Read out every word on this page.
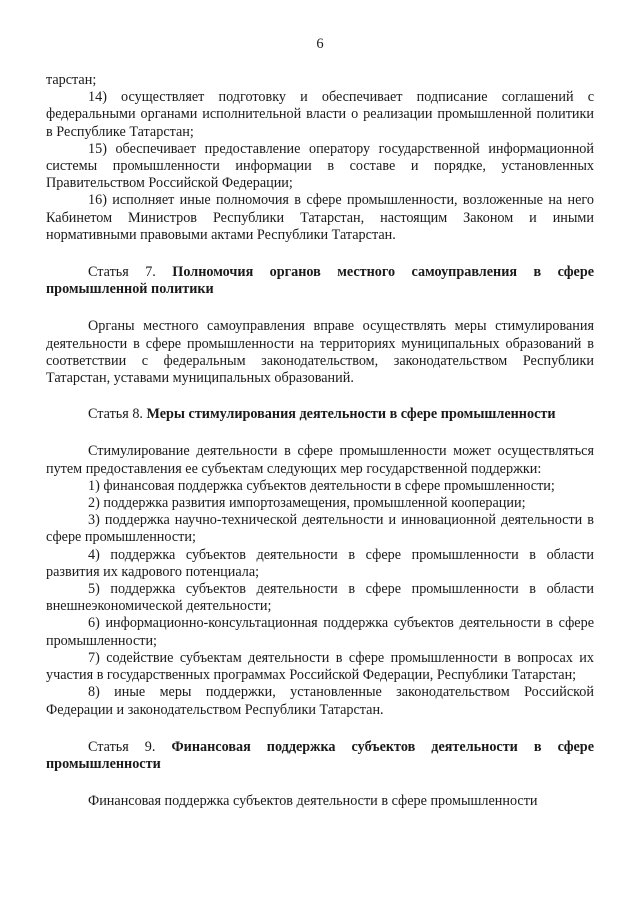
6

тарстан;

14) осуществляет подготовку и обеспечивает подписание соглашений с федеральными органами исполнительной власти о реализации промышленной политики в Республике Татарстан;

15) обеспечивает предоставление оператору государственной информационной системы промышленности информации в составе и порядке, установленных Правительством Российской Федерации;

16) исполняет иные полномочия в сфере промышленности, возложенные на него Кабинетом Министров Республики Татарстан, настоящим Законом и иными нормативными правовыми актами Республики Татарстан.

Статья 7. Полномочия органов местного самоуправления в сфере промышленной политики

Органы местного самоуправления вправе осуществлять меры стимулирования деятельности в сфере промышленности на территориях муниципальных образований в соответствии с федеральным законодательством, законодательством Республики Татарстан, уставами муниципальных образований.

Статья 8. Меры стимулирования деятельности в сфере промышленности

Стимулирование деятельности в сфере промышленности может осуществляться путем предоставления ее субъектам следующих мер государственной поддержки:

1) финансовая поддержка субъектов деятельности в сфере промышленности;

2) поддержка развития импортозамещения, промышленной кооперации;

3) поддержка научно-технической деятельности и инновационной деятельности в сфере промышленности;

4) поддержка субъектов деятельности в сфере промышленности в области развития их кадрового потенциала;

5) поддержка субъектов деятельности в сфере промышленности в области внешнеэкономической деятельности;

6) информационно-консультационная поддержка субъектов деятельности в сфере промышленности;

7) содействие субъектам деятельности в сфере промышленности в вопросах их участия в государственных программах Российской Федерации, Республики Татарстан;

8) иные меры поддержки, установленные законодательством Российской Федерации и законодательством Республики Татарстан.

Статья 9. Финансовая поддержка субъектов деятельности в сфере промышленности

Финансовая поддержка субъектов деятельности в сфере промышленности
